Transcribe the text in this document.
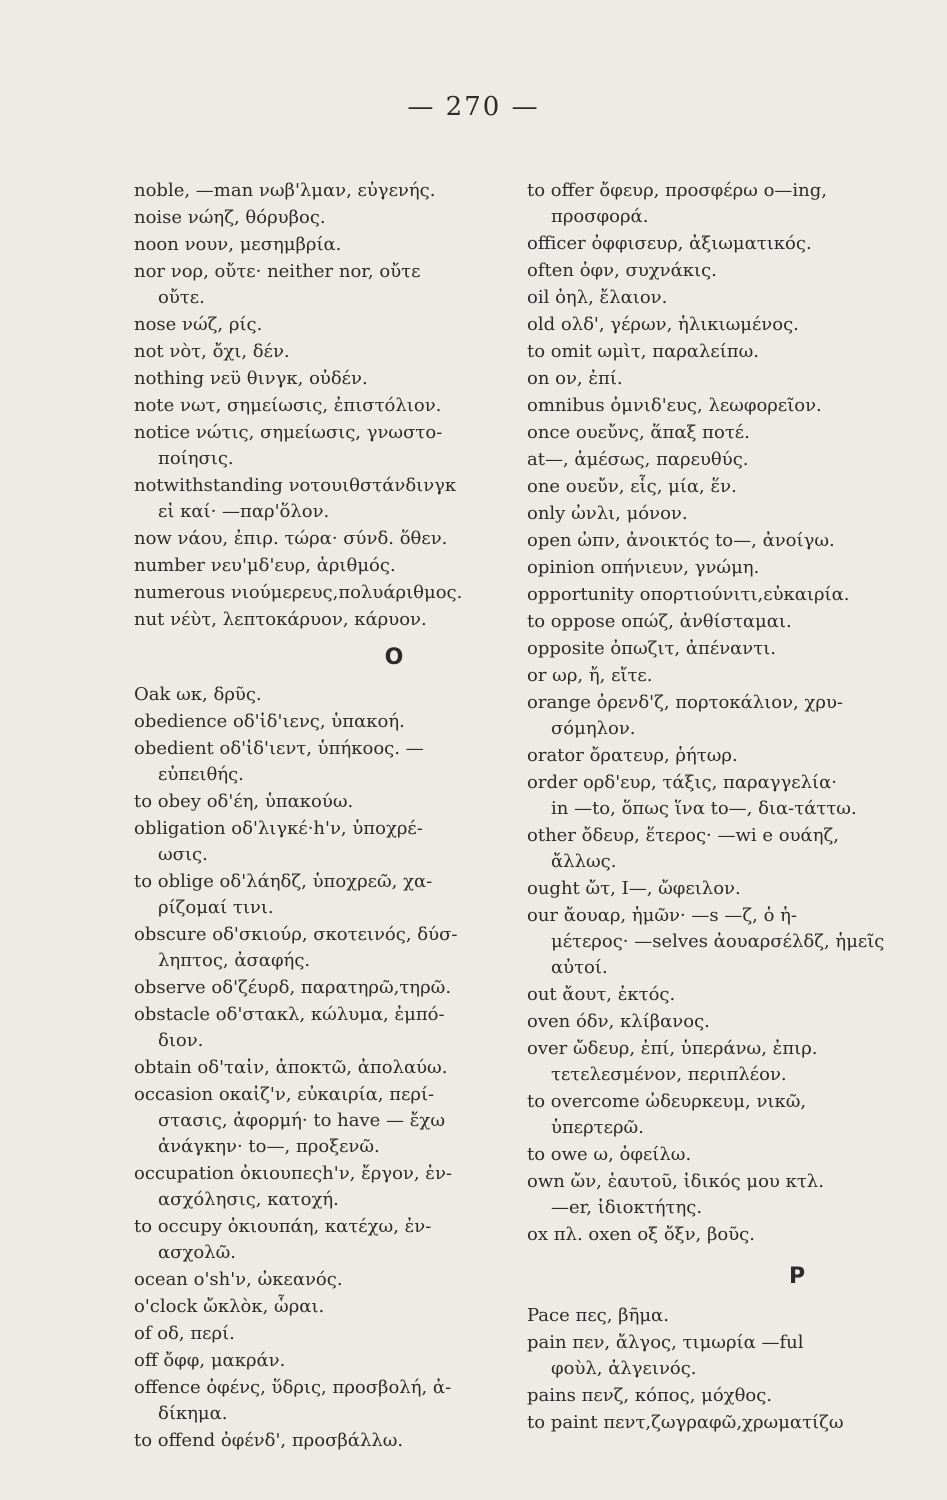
— 270 —
noble, —man νωβ'λμαν, εὐγενής.
noise νώηζ, θόρυβος.
noon νουν, μεσημβρία.
nor νορ, οὔτε· neither nor, οὔτε
οὔτε.
nose νώζ, ρίς.
not νὸτ, ὄχι, δέν.
nothing νεϋ θινγκ, οὐδέν.
note νωτ, σημείωσις, ἐπιστόλιον.
notice νώτις, σημείωσις, γνωστο-
ποίησις.
notwithstanding νοτουιθστάνδινγκ
εἰ καί· —παρ'ὅλον.
now νάου, ἐπιρ. τώρα· σύνδ. ὅθεν.
number νευ'μδ'ευρ, ἀριθμός.
numerous νιούμερευς,πολυάριθμος.
nut νέὺτ, λεπτοκάρυον, κάρυον.
O
Oak ωκ, δρῦς.
obedience οδ'ἰδ'ιενς, ὑπακοή.
obedient οδ'ἰδ'ιεντ, ὑπήκοος. —
εὐπειθής.
to obey οδ'έη, ὑπακούω.
obligation οδ'λιγκέ·h'ν, ὑποχρέ-
ωσις.
to oblige οδ'λάηδζ, ὑποχρεῶ, χα-
ρίζομαί τινι.
obscure οδ'σκιούρ, σκοτεινός, δύσ-
ληπτος, ἀσαφής.
observe οδ'ζέυρδ, παρατηρῶ,τηρῶ.
obstacle οδ'στακλ, κώλυμα, ἐμπό-
διον.
obtain οδ'ταἰν, ἀποκτῶ, ἀπολαύω.
occasion οκαἰζ'ν, εὐκαιρία, περί-
στασις, ἀφορμή· to have — ἔχω ἀνάγκην· to—, προξενῶ.
occupation ὀκιουπεςh'ν, ἔργον, ἐν-
ασχόλησις, κατοχή.
to occupy ὀκιουπάη, κατέχω, ἐν-
ασχολῶ.
ocean ο'sh'ν, ὠκεανός.
o'clock ὤκλὸκ, ὧραι.
of οδ, περί.
off ὄφφ, μακράν.
offence ὀφένς, ὕδρις, προσβολή, ἀ-
δίκημα.
to offend ὀφένδ', προσβάλλω.
to offer ὄφευρ, προσφέρω o—ing,
προσφορά.
officer ὀφφισευρ, ἀξιωματικός.
often ὀφν, συχνάκις.
oil ὀηλ, ἔλαιον.
old ολδ', γέρων, ἡλικιωμένος.
to omit ωμὶτ, παραλείπω.
on ον, ἐπί.
omnibus ὀμνιδ'ευς, λεωφορεῖον.
once ουεὔνς, ἅπαξ ποτέ.
at—, ἀμέσως, παρευθύς.
one ουεὔν, εἷς, μία, ἕν.
only ὠνλι, μόνον.
open ὠπν, ἀνοικτός to—, ἀνοίγω.
opinion οπήνιευν, γνώμη.
opportunity οπορτιούνιτι,εὐκαιρία.
to oppose οπώζ, ἀνθίσταμαι.
opposite ὀπωζιτ, ἀπέναντι.
or ωρ, ἤ, εἴτε.
orange ὀρενδ'ζ, πορτοκάλιον, χρυ-
σόμηλον.
orator ὄρατευρ, ῥήτωρ.
order ορδ'ευρ, τάξις, παραγγελία·
in —to, ὅπως ἵνα to—, δια-τάττω.
other ὄδευρ, ἕτερος· —wi e ουάηζ,
ἄλλως.
ought ὤτ, I—, ὤφειλον.
our ἄουαρ, ἡμῶν· —s —ζ, ὁ ἡ-
μέτερος· —selves ἀουαρσέλδζ, ἡμεῖς αὐτοί.
out ἄουτ, ἐκτός.
oven όδν, κλίβανος.
over ὤδευρ, ἐπί, ὑπεράνω, ἐπιρ.
τετελεσμένον, περιπλέον.
to overcome ὠδευρκευμ, νικῶ,
ὑπερτερῶ.
to owe ω, ὀφείλω.
own ὤν, ἑαυτοῦ, ἰδικός μου κτλ.
—er, ἰδιοκτήτης.
ox πλ. oxen οξ ὄξν, βοῦς.
P
Pace πες, βῆμα.
pain πεν, ἄλγος, τιμωρία —ful
φοὺλ, ἀλγεινός.
pains πενζ, κόπος, μόχθος.
to paint πεντ,ζωγραφῶ,χρωματίζω
